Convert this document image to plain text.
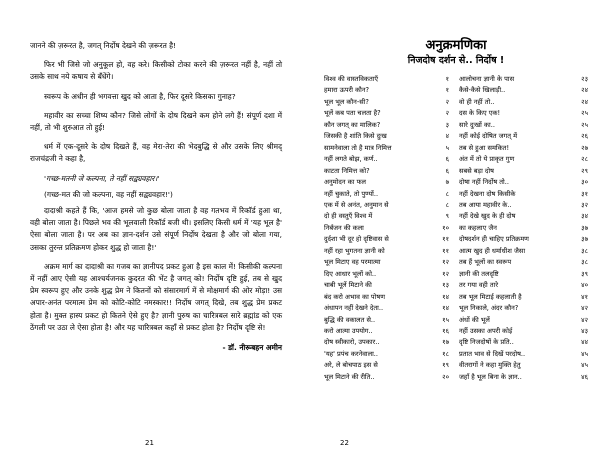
जानने की ज़रूरत है, जगत् निर्दोष देखने की ज़रूरत है!

फिर भी जिसे जो अनुकूल हो, वह करे। किसीको टोका करने की ज़रूरत नहीं है, नहीं तो उसके साथ नये कषाय से बँधेंगे।

स्वरूप के अधीन ही भगवत्ता खुद को आता है, फिर दूसरे किसका गुनाह?

महावीर का सच्चा शिष्य कौन? जिसे लोगों के दोष दिखने कम होने लगे हैं! संपूर्ण दशा में नहीं, तो भी शुरुआत तो हुई!

धर्म में एक-दूसरे के दोष दिखते हैं, वह मेरा-तेरा की भेदबुद्धि से और उसके लिए श्रीमद् राजचंद्रजी ने कहा है,

'गच्छ-मतनी जे कल्पना, ते नहीं सद्व्यवहार।'

(गच्छ-मत की जो कल्पना, वह नहीं सद्व्यवहार!')

दादाश्री कहते हैं कि, 'आज हमसे जो कुछ बोला जाता है वह गतभव में रिकॉर्ड हुआ था, वही बोला जाता है। पिछले भव की भूलवाली रिकॉर्ड बजी थी। इसलिए किसी धर्म में 'यह भूल है' ऐसा बोला जाता है। पर अब का ज्ञान-दर्शन उसे संपूर्ण निर्दोष देखता है और जो बोला गया, उसका तुरन्त प्रतिक्रमण होकर शुद्ध हो जाता है!'

अक्रम मार्ग का दादाश्री का गजब का ज्ञानीपद प्रकट हुआ है इस काल में! किसीकी कल्पना में नहीं आए ऐसी यह आश्चर्यजनक कुदरत की भेंट है जगत् को! निर्दोष दृष्टि हुई, तब से खुद प्रेम स्वरूप हुए और उनके शुद्ध प्रेम ने कितनों को संसारमार्ग में से मोक्षमार्ग की ओर मोड़ा! उस अपार-अनंत परमात्म प्रेम को कोटि-कोटि नमस्कार!! निर्दोष जगत् दिखे, तब शुद्ध प्रेम प्रकट होता है। मुक्त हास्य प्रकट हो कितने ऐसे हुए है? ज्ञानी पुरुष का चारित्रबल सारे ब्रह्मांड को एक ठेंगली पर उठा ले ऐसा होता है! और यह चारित्रबल कहाँ से प्रकट होता है? निर्दोष दृष्टि से!

- डॉ. नीरूबहन अमीन

21
अनुक्रमणिका
निजदोष दर्शन से.. निर्दोष !
विश्व की वास्तविकताएँ	१
हमारा ऊपरी कौन?	१
भूल भूल कौन-सी?	२
भूलें कब पता चलता है?	२
कौन जगत् का मालिक?	३
जिसकी है शांति किसे दुःख	४
सामनेवाला तो है मात्र निमित्त	५
नहीं लगते बोझ, कर्ण..	६
काटता निमित्त को?	६
अनुमोदन का फल	७
नहीं चुकाते, तो पुण्यों..	८
एक में से अनंत, अनुमान से	८
दो ही वस्तुएँ विश्व में	९
निर्बंजन की कला	१०
दुर्दशा भी दूर हो दृष्टिवास से	११
नहीं रहा भुगतना ज्ञानी को	११
भूल मिटाए वह परमात्मा	१२
दिए आधार भूलों को..	१२
चाबी भूलें मिटाने की	१३
बंद करो अभाव का पोषण	१४
अंधापन नहीं देखने देता..	१४
बुद्धि की वकालत से..	१५
करो आत्मा उपयोग..	१६
दोष स्वीकारो, उपकार..	१७
'यह' प्रपंच करनेवाला..	१८
अरे, ले बोचपाठ इस से	१९
भूल मिटाने की रीति..	२०
आलोचना ज्ञानी के पास	२३
कैसे-कैसे खिलाड़ी..	२४
वो ही नहीं तो..	२४
दस के किए एक!	२५
सारे दुःखों का..	२५
नहीं कोई दोषित जगत् में	२६
तब से हुआ समकित!	२७
अंत में तो ये प्राकृत गुण	२८
सबसे बड़ा दोष	२९
दोषा नहीं निर्दोष तो..	३०
नहीं देखना दोष किसीके	३१
तब आया महावीर के..	३२
नहीं देखे खुद के ही दोष	३४
का कहलाए जैन	३७
दोषदर्शन ही चाहिए प्रतिक्रमण	३७
आत्म खुद ही धर्माधीश जैसा	३८
तब हैं भूलों का स्वरूप	३८
ज्ञानी की तलदृष्टि	३९
तर गया वही तारे	४०
तब भूल मिटाई कहलाती है	४१
भूल निकाले, अंदर कौन?	४२
अंधों की भूलें	४२
नहीं उसका अपरी कोई	४३
दृष्टि निजदोषों के प्रति..	४४
प्रतात भाव से दिखें परदोष..	४५
वीतरागों ने कहा मुक्ति हेतु	४५
जहाँ है भूल बिना के ज्ञान..	४६
22
